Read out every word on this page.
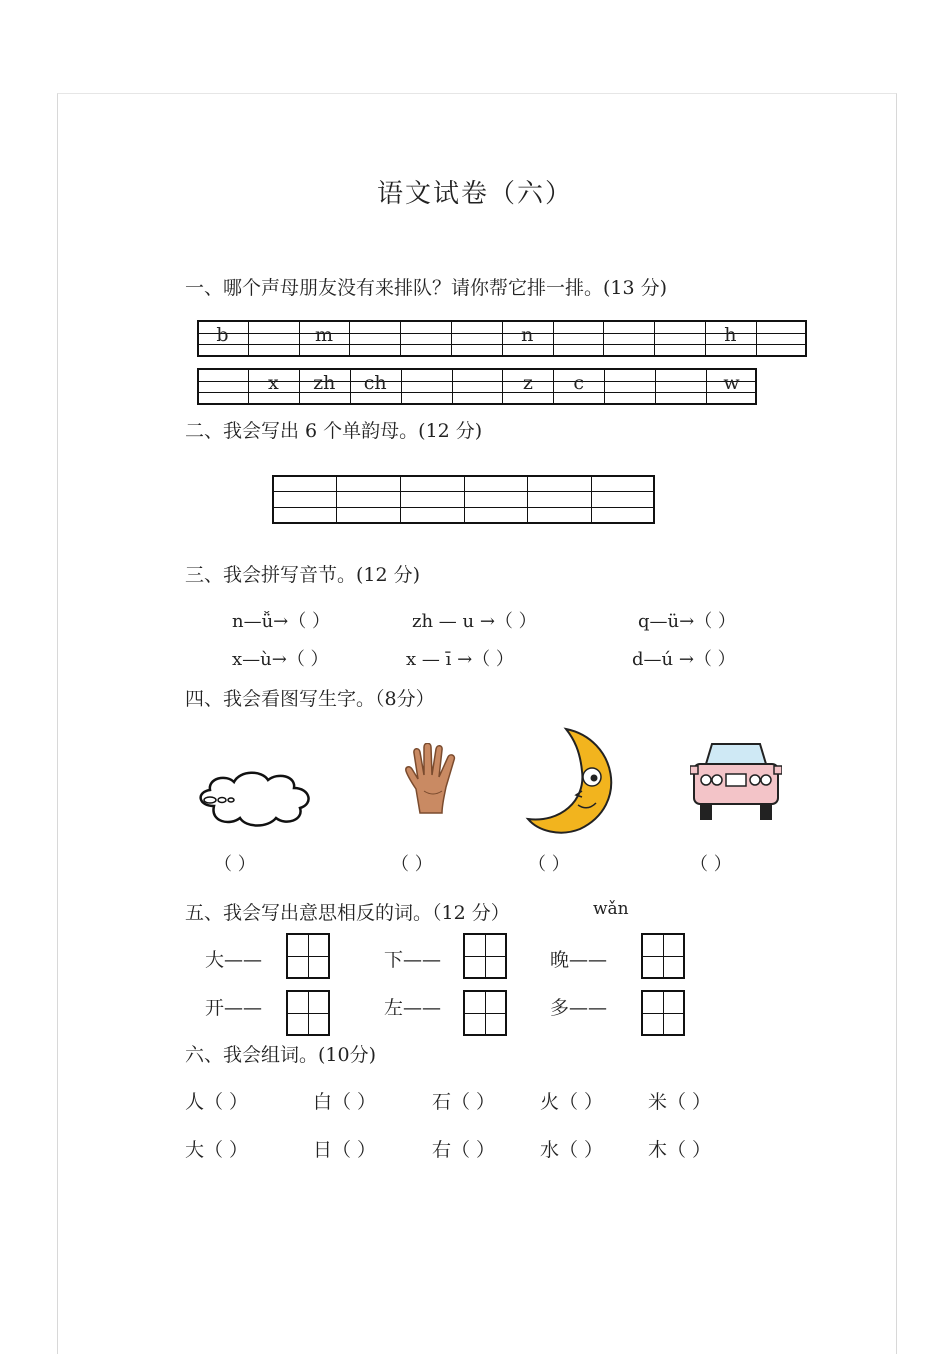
语文试卷（六）
一、哪个声母朋友没有来排队？请你帮它排一排。(13 分)
二、我会写出 6 个单韵母。(12 分)
三、我会拼写音节。(12 分)
n—ǚ→（ ）	zh — u →（ ）	q—ü→（ ）
x—ù→（ ）	x — ī →（ ）	d—ú →（ ）
四、我会看图写生字。（8分）
（ ）	（ ）	（ ）	（ ）
五、我会写出意思相反的词。（12 分）	wǎn
大——	下——	晚——
开——	左——	多——
六、我会组词。(10分)
人（ ）	白（ ）	石（ ） 火（ ） 米（ ）
大（ ）	日（ ）	右（ ） 水（ ） 木（ ）
b	m	n	h
x	zh	ch	z	c	w
